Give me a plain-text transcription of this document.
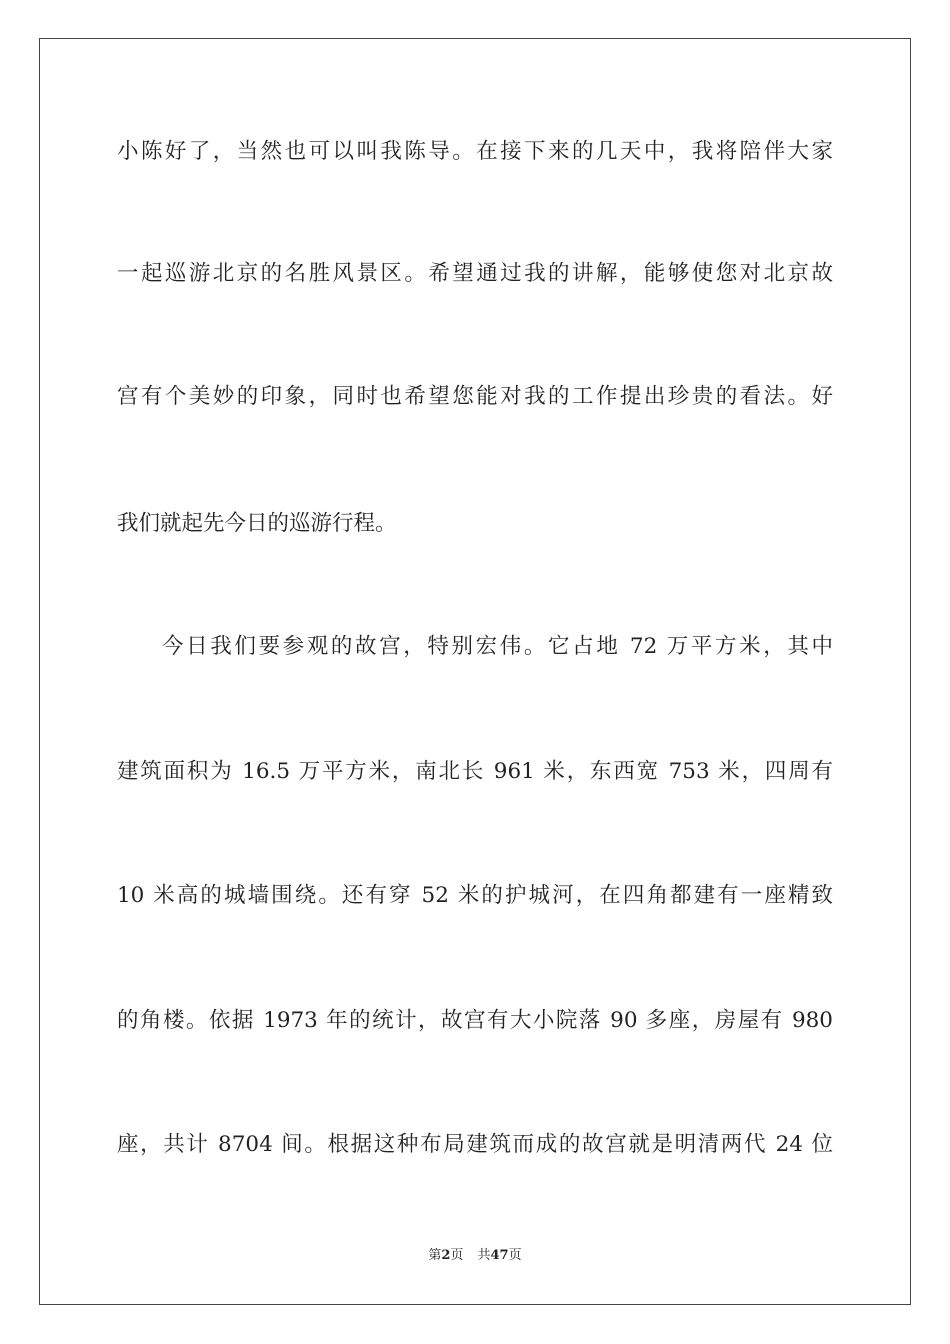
小陈好了，当然也可以叫我陈导。在接下来的几天中，我将陪伴大家
一起巡游北京的名胜风景区。希望通过我的讲解，能够使您对北京故
宫有个美妙的印象，同时也希望您能对我的工作提出珍贵的看法。好
我们就起先今日的巡游行程。
今日我们要参观的故宫，特别宏伟。它占地 72 万平方米，其中
建筑面积为 16.5 万平方米，南北长 961 米，东西宽 753 米，四周有
10 米高的城墙围绕。还有穿 52 米的护城河，在四角都建有一座精致
的角楼。依据 1973 年的统计，故宫有大小院落 90 多座，房屋有 980
座，共计 8704 间。根据这种布局建筑而成的故宫就是明清两代 24 位
第2页 共47页
